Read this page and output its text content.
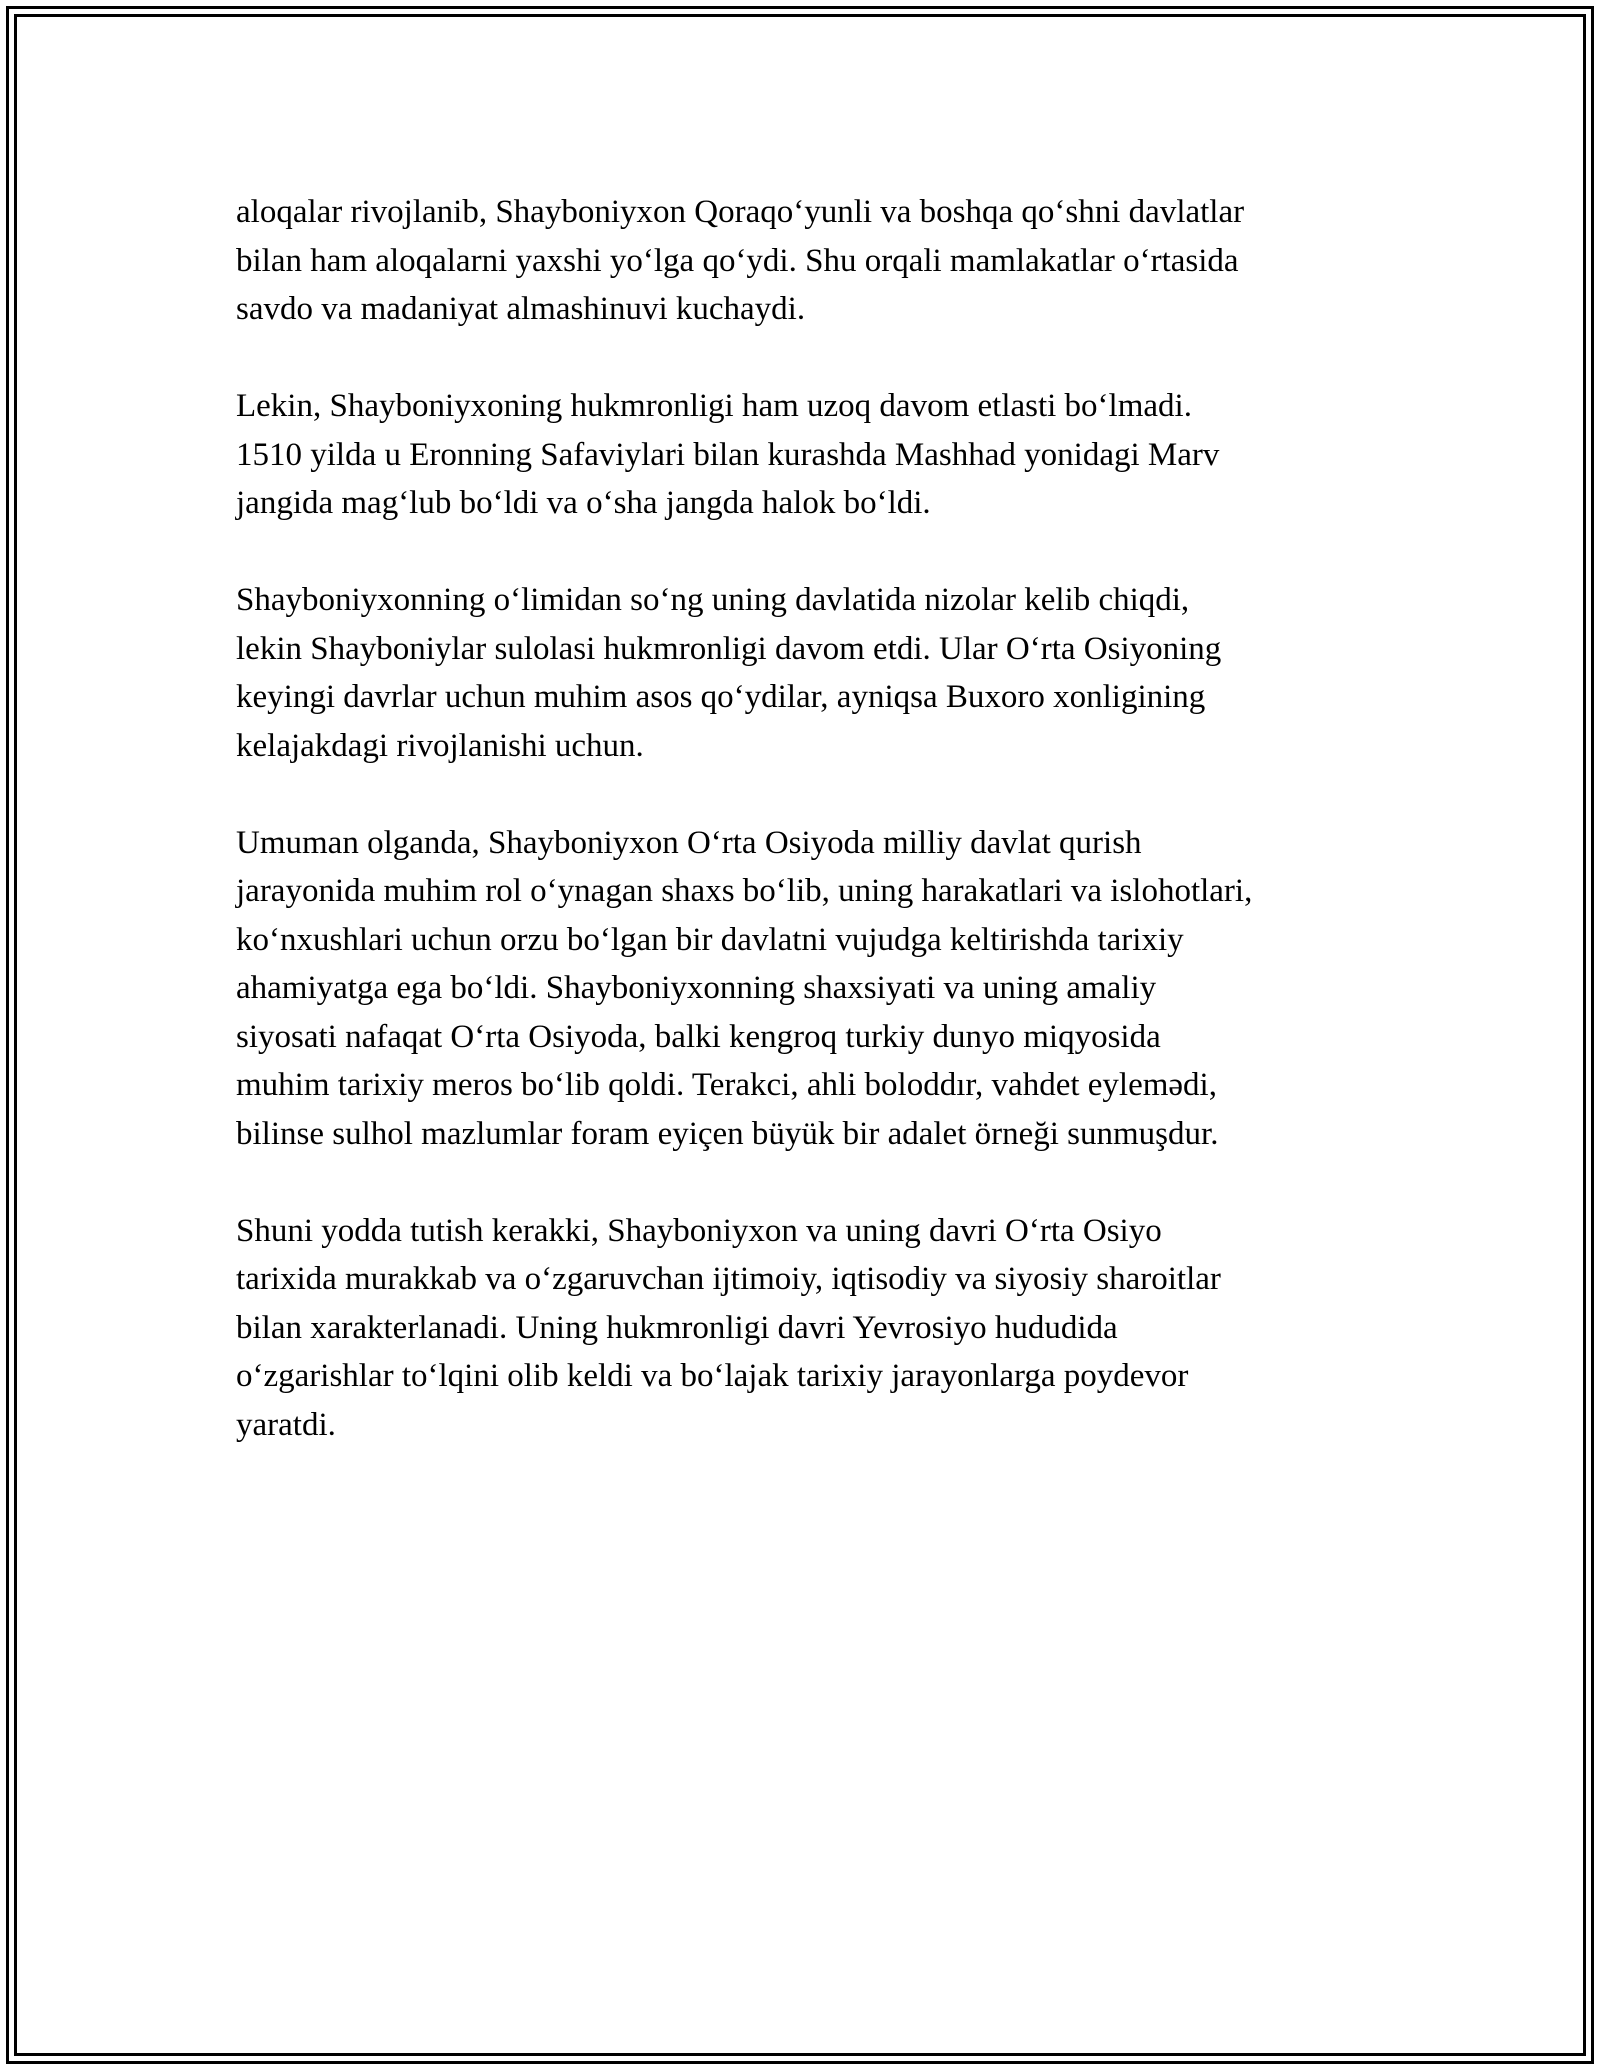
aloqalar rivojlanib, Shayboniyxon Qoraqo‘yunli va boshqa qo‘shni davlatlar
bilan ham aloqalarni yaxshi yo‘lga qo‘ydi. Shu orqali mamlakatlar o‘rtasida
savdo va madaniyat almashinuvi kuchaydi.

Lekin, Shayboniyxoning hukmronligi ham uzoq davom etlasti bo‘lmadi.
1510 yilda u Eronning Safaviylari bilan kurashda Mashhad yonidagi Marv
jangida mag‘lub bo‘ldi va o‘sha jangda halok bo‘ldi.

Shayboniyxonning o‘limidan so‘ng uning davlatida nizolar kelib chiqdi,
lekin Shayboniylar sulolasi hukmronligi davom etdi. Ular O‘rta Osiyoning
keyingi davrlar uchun muhim asos qo‘ydilar, ayniqsa Buxoro xonligining
kelajakdagi rivojlanishi uchun.

Umuman olganda, Shayboniyxon O‘rta Osiyoda milliy davlat qurish
jarayonida muhim rol o‘ynagan shaxs bo‘lib, uning harakatlari va islohotlari,
ko‘nxushlari uchun orzu bo‘lgan bir davlatni vujudga keltirishda tarixiy
ahamiyatga ega bo‘ldi. Shayboniyxonning shaxsiyati va uning amaliy
siyosati nafaqat O‘rta Osiyoda, balki kengroq turkiy dunyo miqyosida
muhim tarixiy meros bo‘lib qoldi. Terakci, ahli boloddır, vahdet eylemədi,
bilinse sulhol mazlumlar foram eyiçen büyük bir adalet örneği sunmuşdur.

Shuni yodda tutish kerakki, Shayboniyxon va uning davri O‘rta Osiyo
tarixida murakkab va o‘zgaruvchan ijtimoiy, iqtisodiy va siyosiy sharoitlar
bilan xarakterlanadi. Uning hukmronligi davri Yevrosiyo hududida
o‘zgarishlar to‘lqini olib keldi va bo‘lajak tarixiy jarayonlarga poydevor
yaratdi.
